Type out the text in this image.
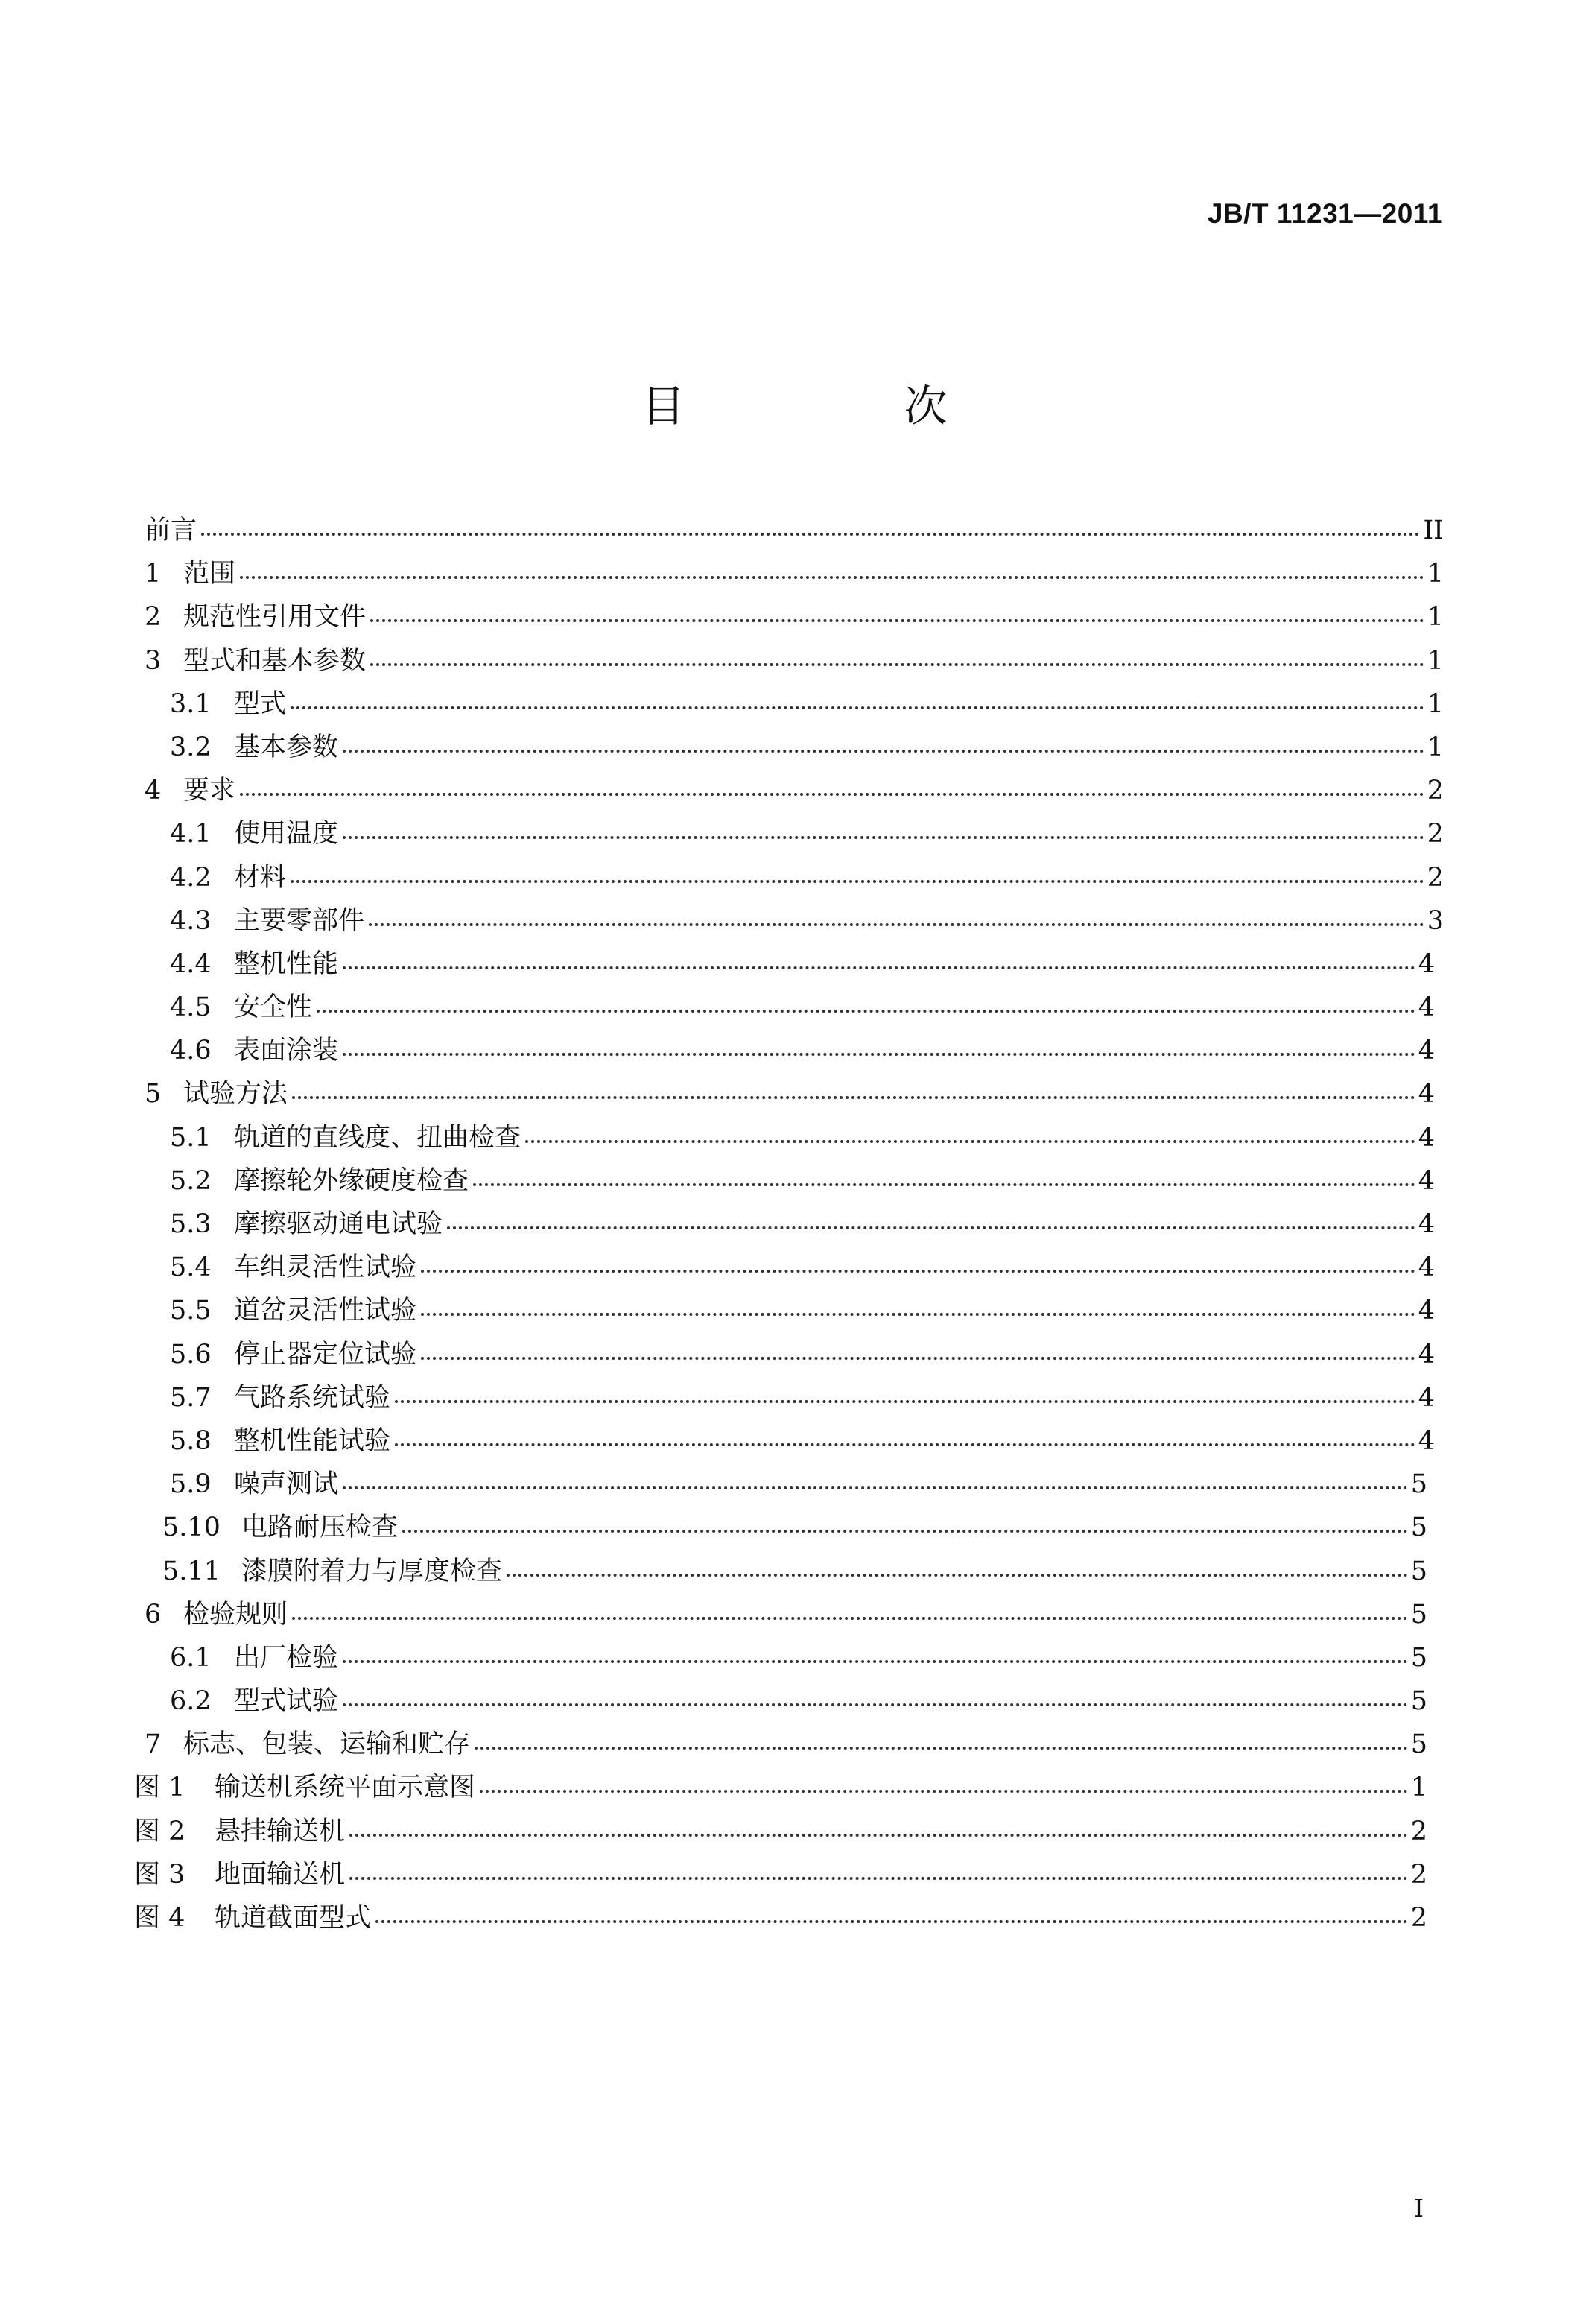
JB/T 11231—2011
目　次
前言	II
1 范围	1
2 规范性引用文件	1
3 型式和基本参数	1
3.1 型式	1
3.2 基本参数	1
4 要求	2
4.1 使用温度	2
4.2 材料	2
4.3 主要零部件	3
4.4 整机性能	4
4.5 安全性	4
4.6 表面涂装	4
5 试验方法	4
5.1 轨道的直线度、扭曲检查	4
5.2 摩擦轮外缘硬度检查	4
5.3 摩擦驱动通电试验	4
5.4 车组灵活性试验	4
5.5 道岔灵活性试验	4
5.6 停止器定位试验	4
5.7 气路系统试验	4
5.8 整机性能试验	4
5.9 噪声测试	5
5.10 电路耐压检查	5
5.11 漆膜附着力与厚度检查	5
6 检验规则	5
6.1 出厂检验	5
6.2 型式试验	5
7 标志、包装、运输和贮存	5
图 1	输送机系统平面示意图	1
图 2	悬挂输送机	2
图 3	地面输送机	2
图 4	轨道截面型式	2
I
